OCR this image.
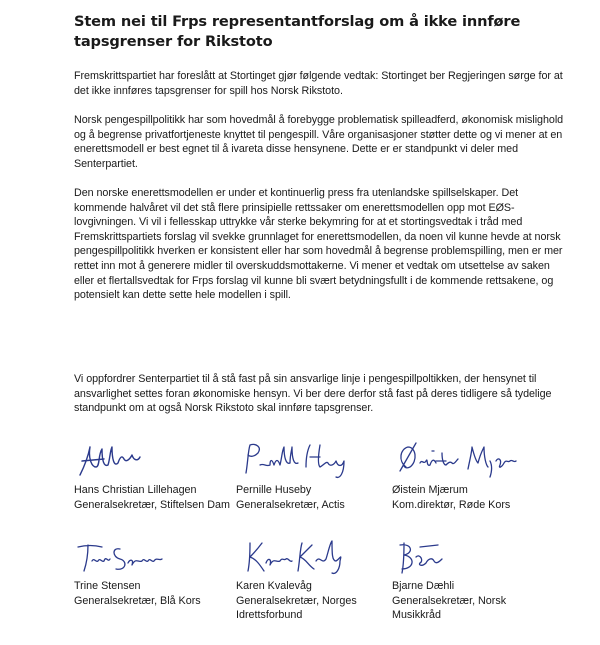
Stem nei til Frps representantforslag om å ikke innføre tapsgrenser for Rikstoto

Fremskrittspartiet har foreslått at Stortinget gjør følgende vedtak: Stortinget ber Regjeringen sørge for at det ikke innføres tapsgrenser for spill hos Norsk Rikstoto.

Norsk pengespillpolitikk har som hovedmål å forebygge problematisk spilleadferd, økonomisk mislighold og å begrense privatfortjeneste knyttet til pengespill. Våre organisasjoner støtter dette og vi mener at en enerettsmodell er best egnet til å ivareta disse hensynene. Dette er er standpunkt vi deler med Senterpartiet.

Den norske enerettsmodellen er under et kontinuerlig press fra utenlandske spillselskaper. Det kommende halvåret vil det stå flere prinsipielle rettssaker om enerettsmodellen opp mot EØS-lovgivningen. Vi vil i fellesskap uttrykke vår sterke bekymring for at et stortingsvedtak i tråd med Fremskrittspartiets forslag vil svekke grunnlaget for enerettsmodellen, da noen vil kunne hevde at norsk pengespillpolitikk hverken er konsistent eller har som hovedmål å begrense problemspilling, men er mer rettet inn mot å generere midler til overskuddsmottakerne. Vi mener et vedtak om utsettelse av saken eller et flertallsvedtak for Frps forslag vil kunne bli svært betydningsfullt i de kommende rettsakene, og potensielt kan dette sette hele modellen i spill.

Vi oppfordrer Senterpartiet til å stå fast på sin ansvarlige linje i pengespillpoltikken, der hensynet til ansvarlighet settes foran økonomiske hensyn. Vi ber dere derfor stå fast på deres tidligere så tydelige standpunkt om at også Norsk Rikstoto skal innføre tapsgrenser.

Hans Christian Lillehagen
Generalsekretær, Stiftelsen Dam
Pernille Huseby
Generalsekretær, Actis
Øistein Mjærum
Kom.direktør, Røde Kors
Trine Stensen
Generalsekretær, Blå Kors
Karen Kvalevåg
Generalsekretær, Norges Idrettsforbund
Bjarne Dæhli
Generalsekretær, Norsk Musikkråd
